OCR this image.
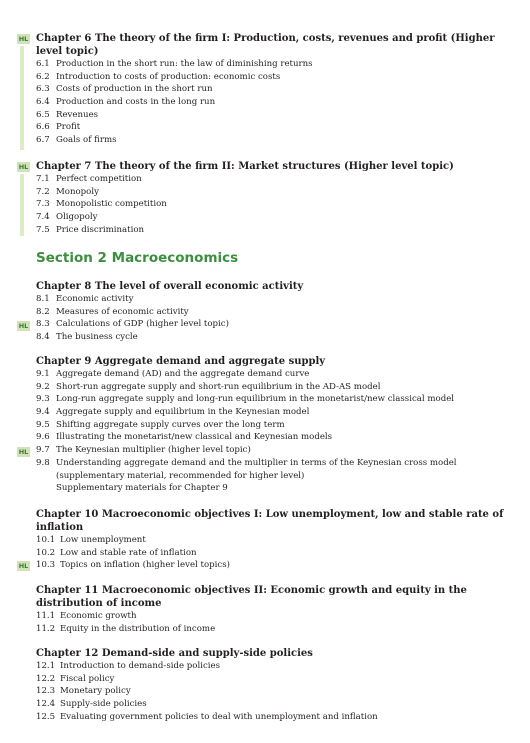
HL Chapter 6 The theory of the firm I: Production, costs, revenues and profit (Higher level topic)
6.1 Production in the short run: the law of diminishing returns
6.2 Introduction to costs of production: economic costs
6.3 Costs of production in the short run
6.4 Production and costs in the long run
6.5 Revenues
6.6 Profit
6.7 Goals of firms
HL Chapter 7 The theory of the firm II: Market structures (Higher level topic)
7.1 Perfect competition
7.2 Monopoly
7.3 Monopolistic competition
7.4 Oligopoly
7.5 Price discrimination
Section 2 Macroeconomics
Chapter 8 The level of overall economic activity
8.1 Economic activity
8.2 Measures of economic activity
8.3 Calculations of GDP (higher level topic)
8.4 The business cycle
HL
Chapter 9 Aggregate demand and aggregate supply
9.1 Aggregate demand (AD) and the aggregate demand curve
9.2 Short-run aggregate supply and short-run equilibrium in the AD-AS model
9.3 Long-run aggregate supply and long-run equilibrium in the monetarist/new classical model
9.4 Aggregate supply and equilibrium in the Keynesian model
9.5 Shifting aggregate supply curves over the long term
9.6 Illustrating the monetarist/new classical and Keynesian models
9.7 The Keynesian multiplier (higher level topic)
9.8 Understanding aggregate demand and the multiplier in terms of the Keynesian cross model (supplementary material, recommended for higher level)
Supplementary materials for Chapter 9
HL
Chapter 10 Macroeconomic objectives I: Low unemployment, low and stable rate of inflation
10.1 Low unemployment
10.2 Low and stable rate of inflation
10.3 Topics on inflation (higher level topics)
HL
Chapter 11 Macroeconomic objectives II: Economic growth and equity in the distribution of income
11.1 Economic growth
11.2 Equity in the distribution of income
Chapter 12 Demand-side and supply-side policies
12.1 Introduction to demand-side policies
12.2 Fiscal policy
12.3 Monetary policy
12.4 Supply-side policies
12.5 Evaluating government policies to deal with unemployment and inflation
